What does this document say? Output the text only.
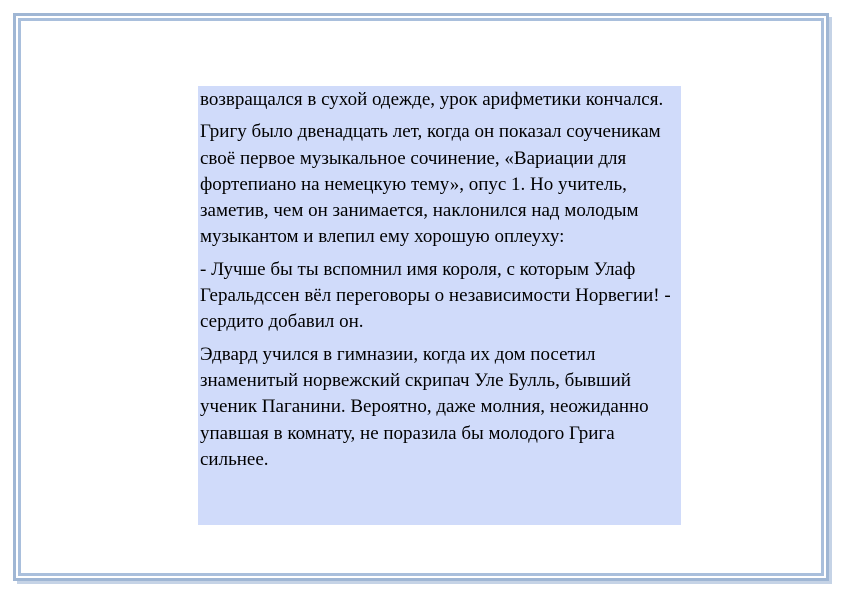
возвращался в сухой одежде, урок арифметики кончался.

Григу было двенадцать лет, когда он показал соученикам своё первое музыкальное сочинение, «Вариации для фортепиано на немецкую тему», опус 1. Но учитель, заметив, чем он занимается, наклонился над молодым музыкантом и влепил ему хорошую оплеуху:

- Лучше бы ты вспомнил имя короля, с которым Улаф Геральдссен вёл переговоры о независимости Норвегии! - сердито добавил он.

Эдвард учился в гимназии, когда их дом посетил знаменитый норвежский скрипач Уле Булль, бывший ученик Паганини. Вероятно, даже молния, неожиданно упавшая в комнату, не поразила бы молодого Грига сильнее.
